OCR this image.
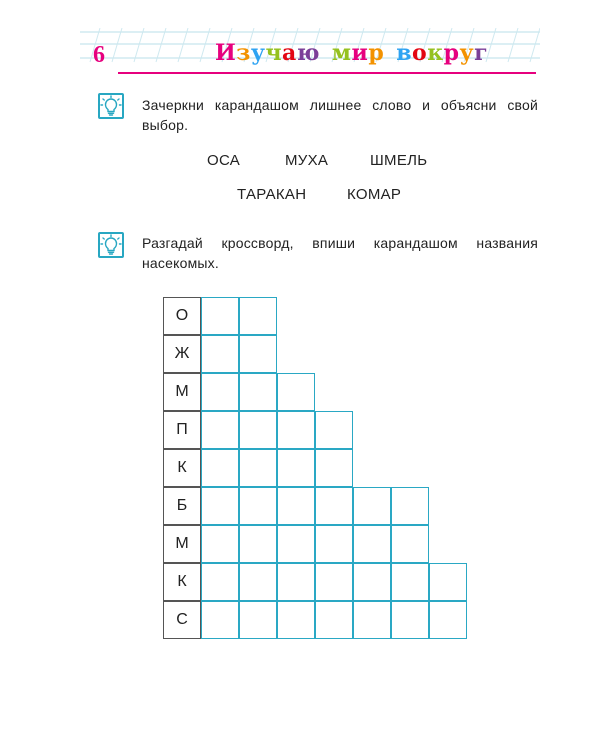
6	Изучаю мир вокруг
Зачеркни карандашом лишнее слово и объясни свой выбор.
ОСА	МУХА	ШМЕЛЬ
ТАРАКАН	КОМАР
Разгадай кроссворд, впиши карандашом названия насекомых.
О
Ж
М
П
К
Б
М
К
С
